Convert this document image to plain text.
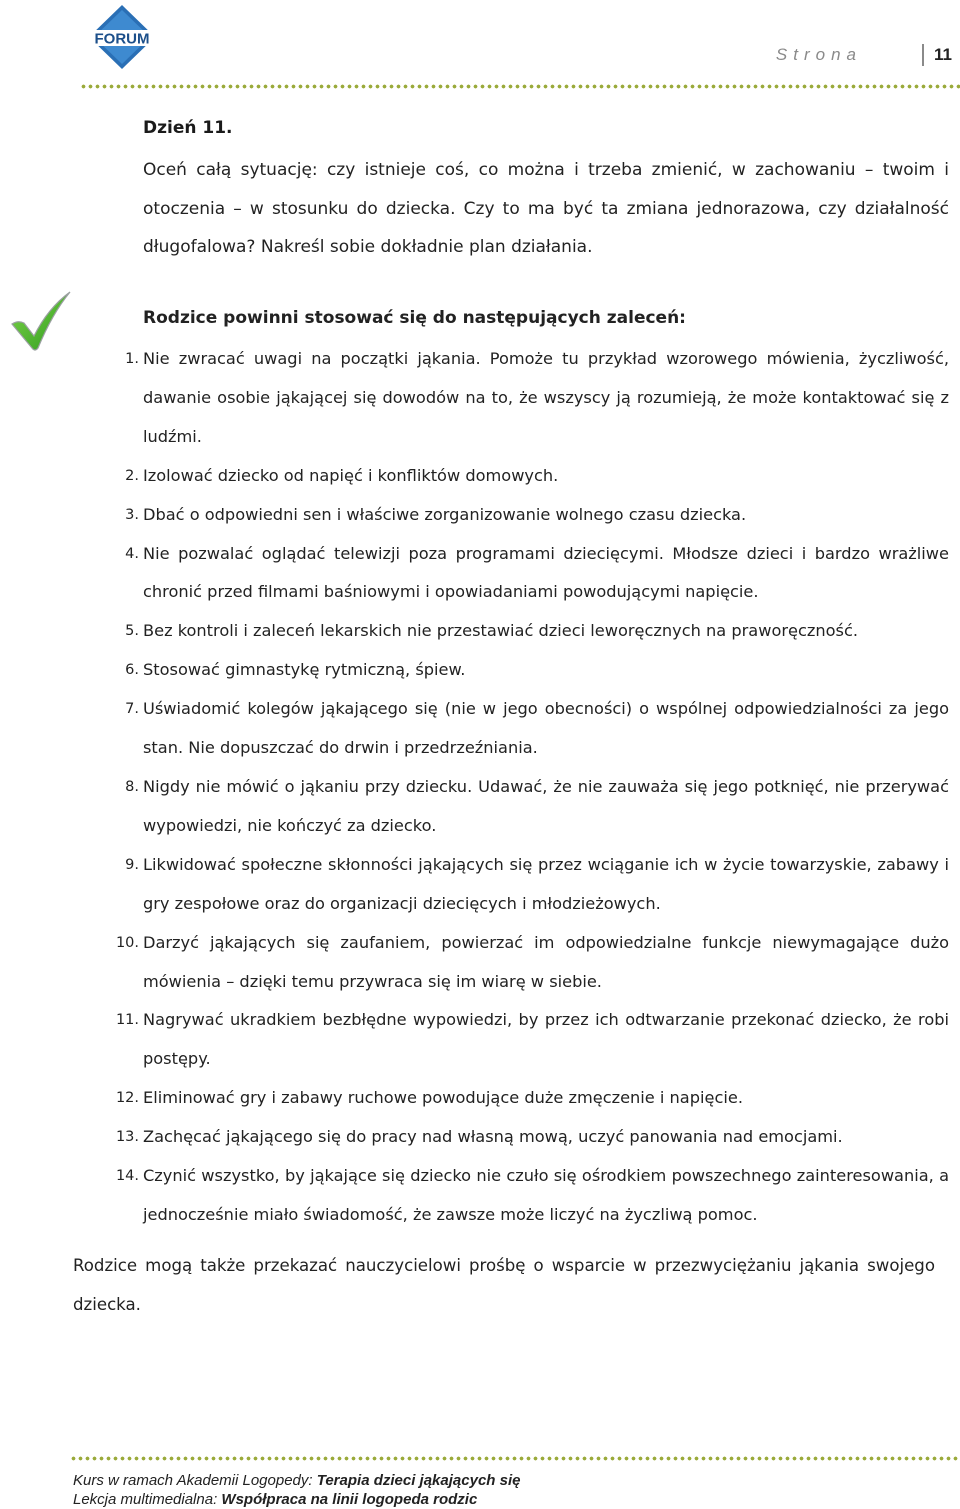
FORUM
Strona	11
Dzień 11.
Oceń całą sytuację: czy istnieje coś, co można i trzeba zmienić, w zachowaniu – twoim i otoczenia – w stosunku do dziecka. Czy to ma być ta zmiana jednorazowa, czy działalność długofalowa? Nakreśl sobie dokładnie plan działania.
Rodzice powinni stosować się do następujących zaleceń:
1. Nie zwracać uwagi na początki jąkania. Pomoże tu przykład wzorowego mówienia, życzliwość, dawanie osobie jąkającej się dowodów na to, że wszyscy ją rozumieją, że może kontaktować się z ludźmi.
2. Izolować dziecko od napięć i konfliktów domowych.
3. Dbać o odpowiedni sen i właściwe zorganizowanie wolnego czasu dziecka.
4. Nie pozwalać oglądać telewizji poza programami dziecięcymi. Młodsze dzieci i bardzo wrażliwe chronić przed filmami baśniowymi i opowiadaniami powodującymi napięcie.
5. Bez kontroli i zaleceń lekarskich nie przestawiać dzieci leworęcznych na praworęczność.
6. Stosować gimnastykę rytmiczną, śpiew.
7. Uświadomić kolegów jąkającego się (nie w jego obecności) o wspólnej odpowiedzialności za jego stan. Nie dopuszczać do drwin i przedrzeźniania.
8. Nigdy nie mówić o jąkaniu przy dziecku. Udawać, że nie zauważa się jego potknięć, nie przerywać wypowiedzi, nie kończyć za dziecko.
9. Likwidować społeczne skłonności jąkających się przez wciąganie ich w życie towarzyskie, zabawy i gry zespołowe oraz do organizacji dziecięcych i młodzieżowych.
10. Darzyć jąkających się zaufaniem, powierzać im odpowiedzialne funkcje niewymagające dużo mówienia – dzięki temu przywraca się im wiarę w siebie.
11. Nagrywać ukradkiem bezbłędne wypowiedzi, by przez ich odtwarzanie przekonać dziecko, że robi postępy.
12. Eliminować gry i zabawy ruchowe powodujące duże zmęczenie i napięcie.
13. Zachęcać jąkającego się do pracy nad własną mową, uczyć panowania nad emocjami.
14. Czynić wszystko, by jąkające się dziecko nie czuło się ośrodkiem powszechnego zainteresowania, a jednocześnie miało świadomość, że zawsze może liczyć na życzliwą pomoc.
Rodzice mogą także przekazać nauczycielowi prośbę o wsparcie w przezwyciężaniu jąkania swojego dziecka.
Kurs w ramach Akademii Logopedy: Terapia dzieci jąkających się
Lekcja multimedialna: Współpraca na linii logopeda rodzic
